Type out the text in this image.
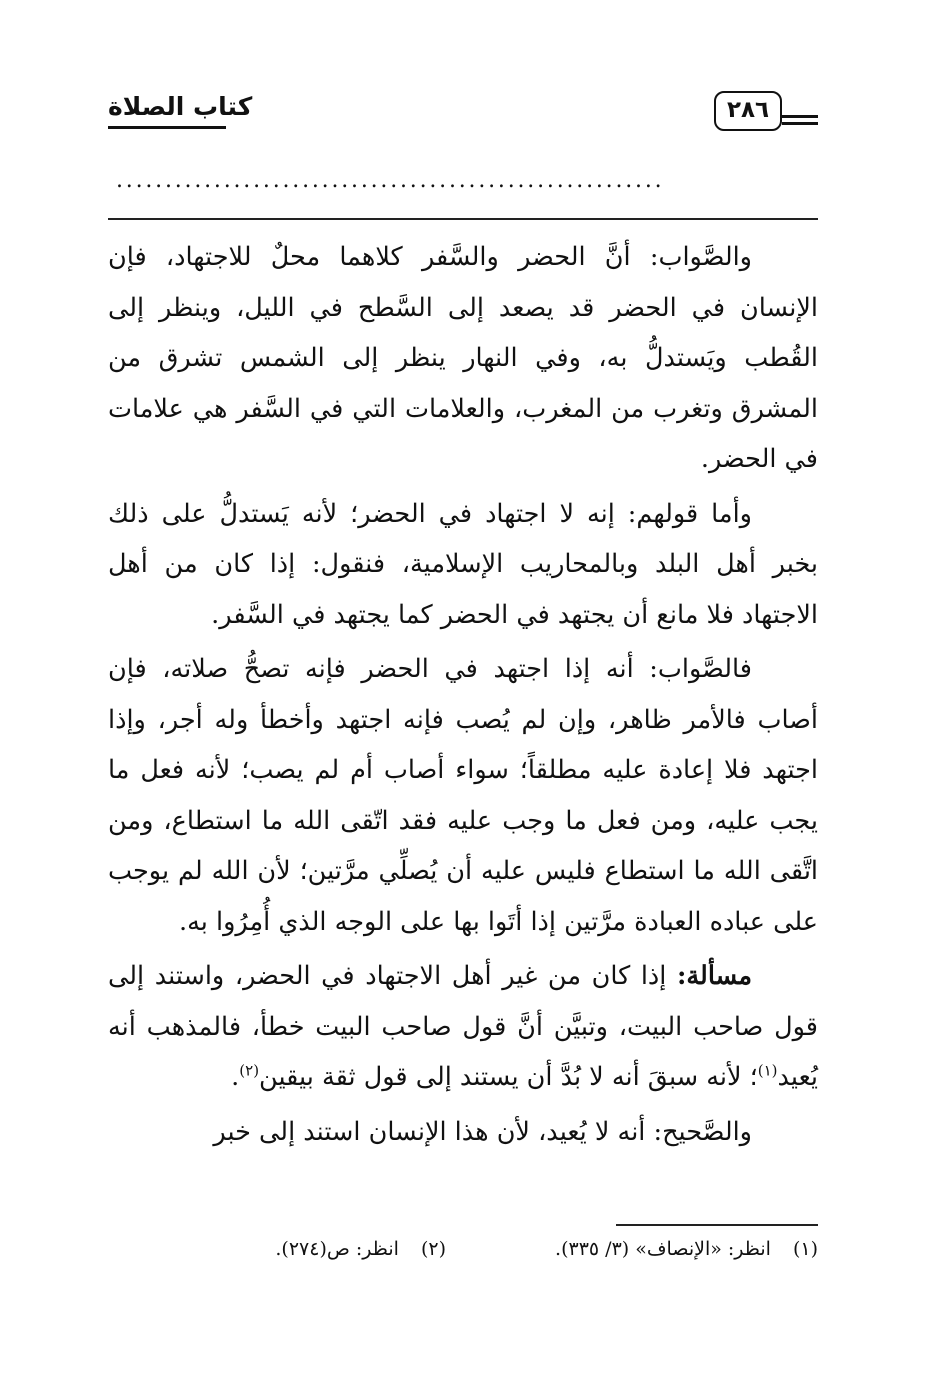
كتاب الصلاة	٢٨٦
........................................................

والصَّواب: أنَّ الحضر والسَّفر كلاهما محلٌ للاجتهاد، فإن الإنسان في الحضر قد يصعد إلى السَّطح في الليل، وينظر إلى القُطب ويَستدلُّ به، وفي النهار ينظر إلى الشمس تشرق من المشرق وتغرب من المغرب، والعلامات التي في السَّفر هي علامات في الحضر.

وأما قولهم: إنه لا اجتهاد في الحضر؛ لأنه يَستدلُّ على ذلك بخبر أهل البلد وبالمحاريب الإسلامية، فنقول: إذا كان من أهل الاجتهاد فلا مانع أن يجتهد في الحضر كما يجتهد في السَّفر.

فالصَّواب: أنه إذا اجتهد في الحضر فإنه تصحُّ صلاته، فإن أصاب فالأمر ظاهر، وإن لم يُصب فإنه اجتهد وأخطأ وله أجر، وإذا اجتهد فلا إعادة عليه مطلقاً؛ سواء أصاب أم لم يصب؛ لأنه فعل ما يجب عليه، ومن فعل ما وجب عليه فقد اتّقى الله ما استطاع، ومن اتَّقى الله ما استطاع فليس عليه أن يُصلِّي مرَّتين؛ لأن الله لم يوجب على عباده العبادة مرَّتين إذا أتَوا بها على الوجه الذي أُمِرُوا به.

مسألة: إذا كان من غير أهل الاجتهاد في الحضر، واستند إلى قول صاحب البيت، وتبيَّن أنَّ قول صاحب البيت خطأ، فالمذهب أنه يُعيد$^{(١)}$؛ لأنه سبقَ أنه لا بُدَّ أن يستند إلى قول ثقة بيقين$^{(٢)}$.

والصَّحيح: أنه لا يُعيد، لأن هذا الإنسان استند إلى خبر

(١)انظر: «الإنصاف» (٣/ ٣٣٥).
(٢)انظر: ص(٢٧٤).
